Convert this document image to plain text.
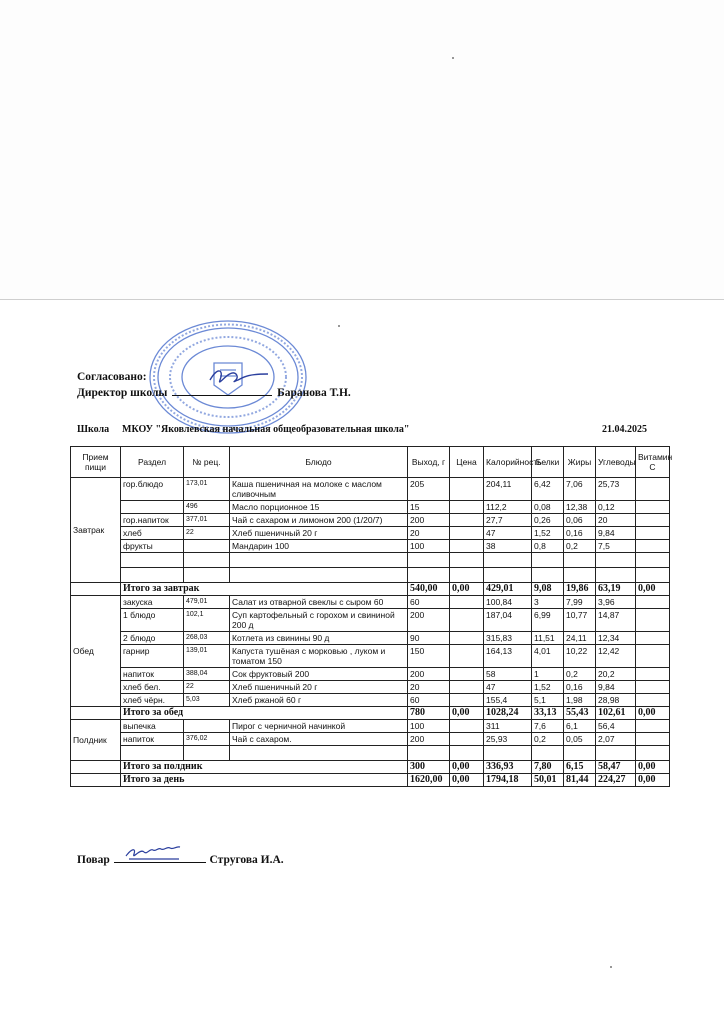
Согласовано:
Директор школы	Баранова Т.Н.
Школа МКОУ "Яковлевская начальная общеобразовательная школа"	21.04.2025
Прием пищи	Раздел	№ рец.	Блюдо	Выход, г	Цена	Калорийность	Белки	Жиры	Углеводы	Витамин С
Завтрак	гор.блюдо	173,01	Каша пшеничная на молоке с маслом сливочным	205		204,11	6,42	7,06	25,73	
		496	Масло порционное 15	15		112,2	0,08	12,38	0,12	
	гор.напиток	377,01	Чай с сахаром и лимоном 200 (1/20/7)	200		27,7	0,26	0,06	20	
	хлеб	22	Хлеб пшеничный 20 г	20		47	1,52	0,16	9,84	
	фрукты		Мандарин 100	100		38	0,8	0,2	7,5	

	Итого за завтрак			540,00	0,00	429,01	9,08	19,86	63,19	0,00
Обед	закуска	479,01	Салат из отварной свеклы с сыром 60	60		100,84	3	7,99	3,96	
	1 блюдо	102,1	Суп картофельный с горохом и свининой 200 д	200		187,04	6,99	10,77	14,87	
	2 блюдо	268,03	Котлета из свинины 90 д	90		315,83	11,51	24,11	12,34	
	гарнир	139,01	Капуста тушёная с морковью , луком и томатом 150	150		164,13	4,01	10,22	12,42	
	напиток	388,04	Сок фруктовый 200	200		58	1	0,2	20,2	
	хлеб бел.	22	Хлеб пшеничный 20 г	20		47	1,52	0,16	9,84	
	хлеб чёрн.	5,03	Хлеб ржаной 60 г	60		155,4	5,1	1,98	28,98	
	Итого за обед			780	0,00	1028,24	33,13	55,43	102,61	0,00
Полдник	выпечка		Пирог с черничной начинкой	100		311	7,6	6,1	56,4	
	напиток	376,02	Чай с сахаром.	200		25,93	0,2	0,05	2,07	

	Итого за полдник			300	0,00	336,93	7,80	6,15	58,47	0,00
	Итого за день			1620,00	0,00	1794,18	50,01	81,44	224,27	0,00
Повар	Стругова И.А.
